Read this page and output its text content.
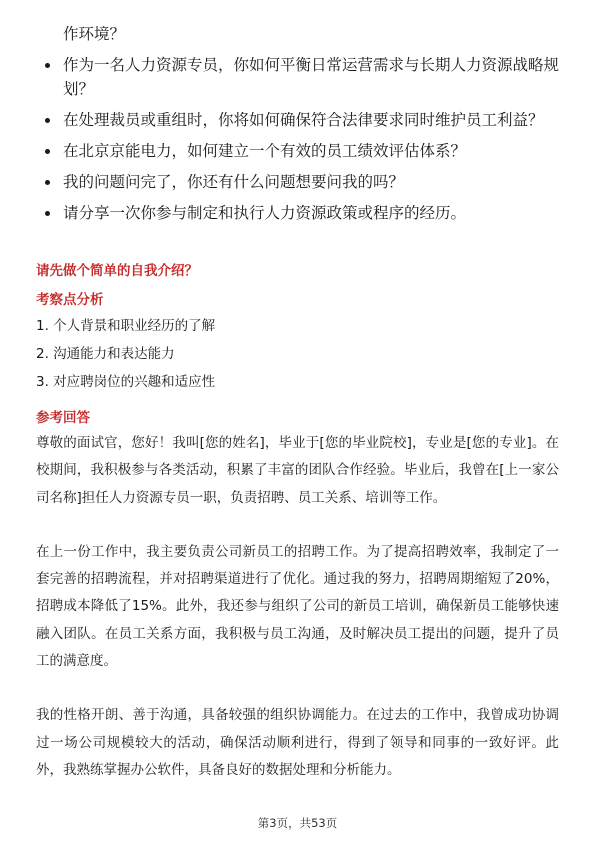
作环境？
作为一名人力资源专员，你如何平衡日常运营需求与长期人力资源战略规划？
在处理裁员或重组时，你将如何确保符合法律要求同时维护员工利益？
在北京京能电力，如何建立一个有效的员工绩效评估体系？
我的问题问完了，你还有什么问题想要问我的吗？
请分享一次你参与制定和执行人力资源政策或程序的经历。
请先做个简单的自我介绍？
考察点分析
1. 个人背景和职业经历的了解
2. 沟通能力和表达能力
3. 对应聘岗位的兴趣和适应性
参考回答

尊敬的面试官，您好！我叫[您的姓名]，毕业于[您的毕业院校]，专业是[您的专业]。在校期间，我积极参与各类活动，积累了丰富的团队合作经验。毕业后，我曾在[上一家公司名称]担任人力资源专员一职，负责招聘、员工关系、培训等工作。

在上一份工作中，我主要负责公司新员工的招聘工作。为了提高招聘效率，我制定了一套完善的招聘流程，并对招聘渠道进行了优化。通过我的努力，招聘周期缩短了20%，招聘成本降低了15%。此外，我还参与组织了公司的新员工培训，确保新员工能够快速融入团队。在员工关系方面，我积极与员工沟通，及时解决员工提出的问题，提升了员工的满意度。

我的性格开朗、善于沟通，具备较强的组织协调能力。在过去的工作中，我曾成功协调过一场公司规模较大的活动，确保活动顺利进行，得到了领导和同事的一致好评。此外，我熟练掌握办公软件，具备良好的数据处理和分析能力。

第3页，共53页
